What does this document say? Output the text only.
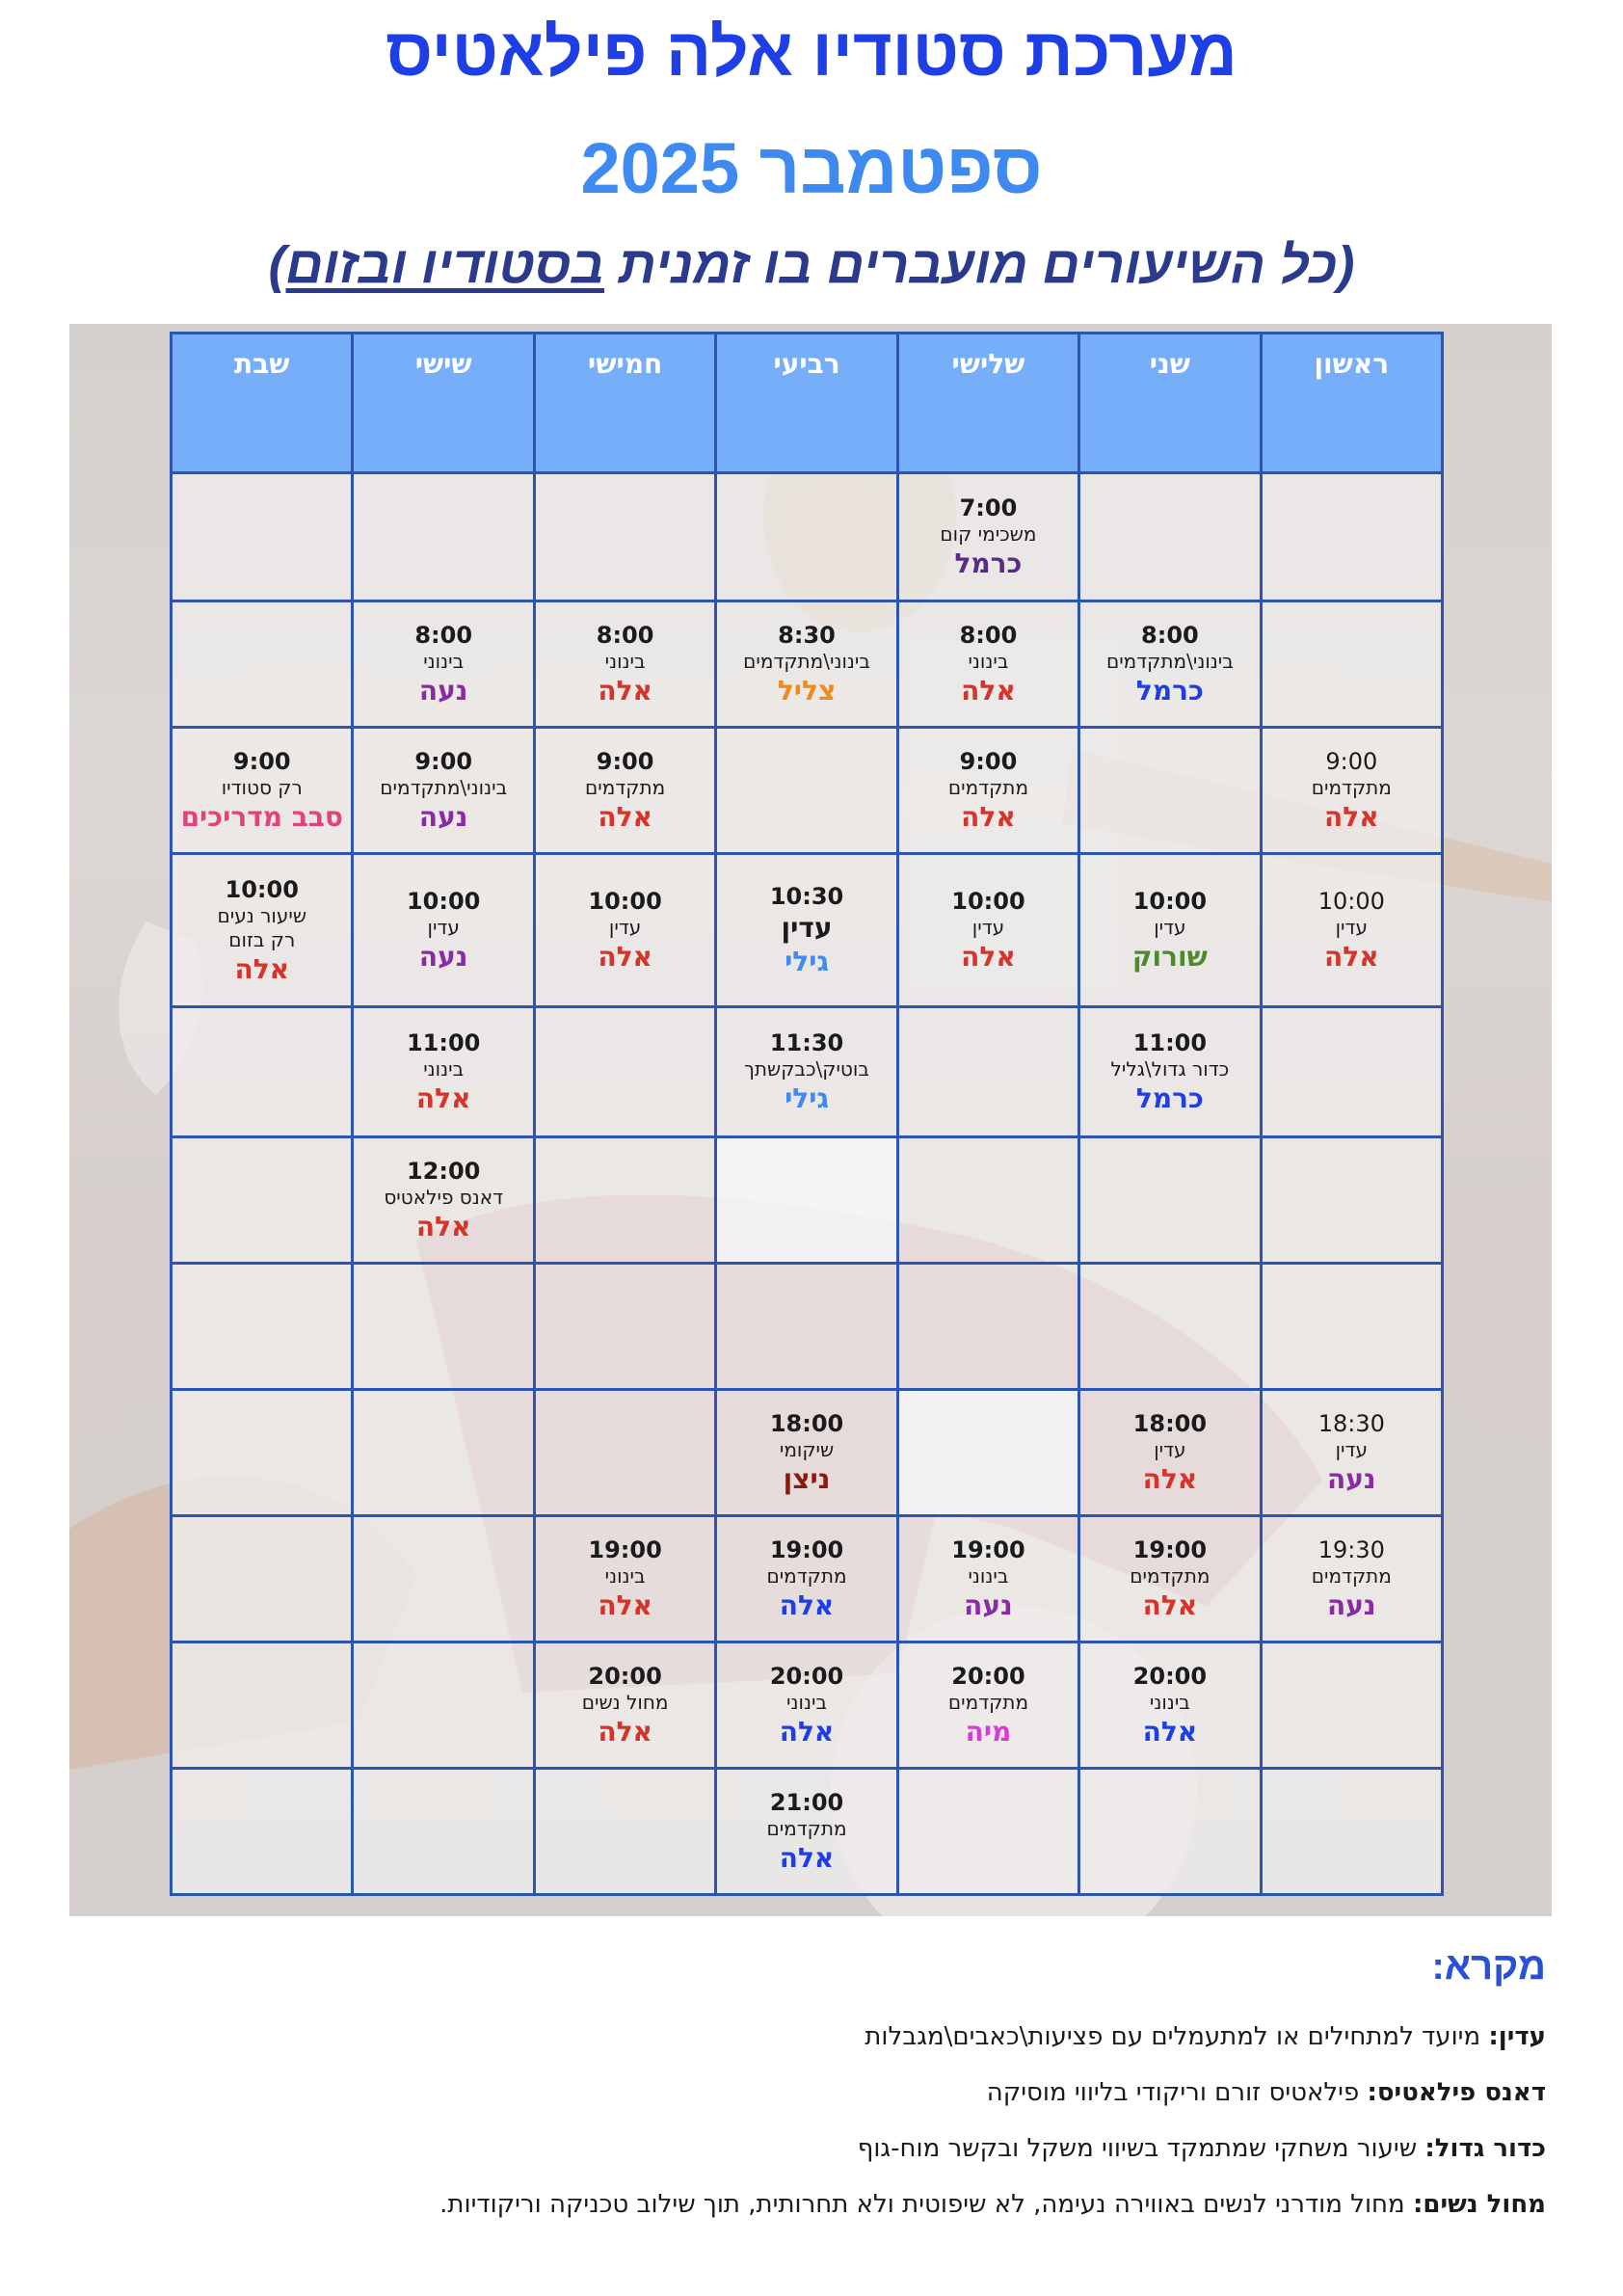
מערכת סטודיו אלה פילאטיס
ספטמבר 2025
(כל השיעורים מועברים בו זמנית בסטודיו ובזום)
ראשון	שני	שלישי	רביעי	חמישי	שישי	שבת

		7:00
משכימי קום
כרמל				

	8:00
בינוני\מתקדמים
כרמל	8:00
בינוני
אלה	8:30
בינוני\מתקדמים
צליל	8:00
בינוני
אלה	8:00
בינוני
נעה	

9:00
מתקדמים
אלה		9:00
מתקדמים
אלה		9:00
מתקדמים
אלה	9:00
בינוני\מתקדמים
נעה	9:00
רק סטודיו
סבב מדריכים

10:00
עדין
אלה	10:00
עדין
שורוק	10:00
עדין
אלה	10:30
עדין
גילי	10:00
עדין
אלה	10:00
עדין
נעה	10:00
שיעור נעים
רק בזום
אלה

	11:00
כדור גדול\גליל
כרמל		11:30
בוטיק\כבקשתך
גילי		11:00
בינוני
אלה	

					12:00
דאנס פילאטיס
אלה	

18:30
עדין
נעה	18:00
עדין
אלה		18:00
שיקומי
ניצן			

19:30
מתקדמים
נעה	19:00
מתקדמים
אלה	19:00
בינוני
נעה	19:00
מתקדמים
אלה	19:00
בינוני
אלה		

	20:00
בינוני
אלה	20:00
מתקדמים
מיה	20:00
בינוני
אלה	20:00
מחול נשים
אלה		

			21:00
מתקדמים
אלה			

מקרא:
עדין: מיועד למתחילים או למתעמלים עם פציעות\כאבים\מגבלות
דאנס פילאטיס: פילאטיס זורם וריקודי בליווי מוסיקה
כדור גדול: שיעור משחקי שמתמקד בשיווי משקל ובקשר מוח-גוף
מחול נשים: מחול מודרני לנשים באווירה נעימה, לא שיפוטית ולא תחרותית, תוך שילוב טכניקה וריקודיות.
